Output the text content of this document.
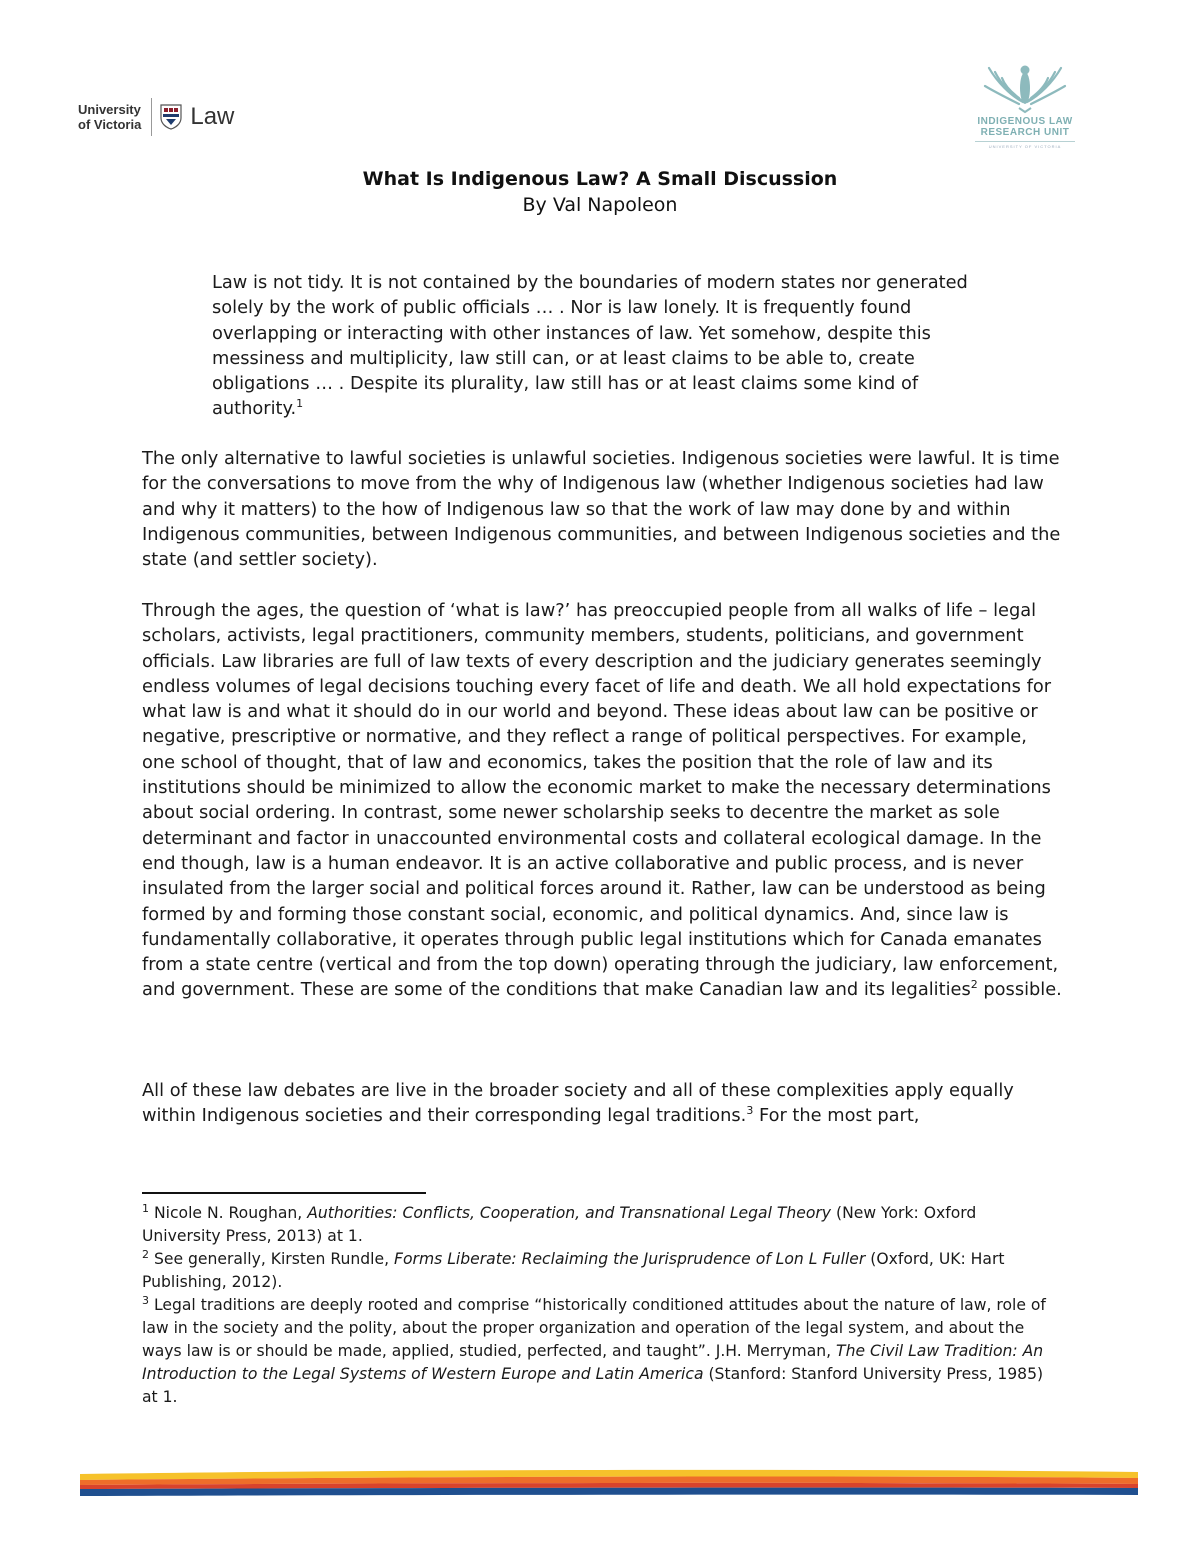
University
of Victoria Law	INDIGENOUS LAW
RESEARCH UNIT
UNIVERSITY OF VICTORIA
What Is Indigenous Law? A Small Discussion
By Val Napoleon

Law is not tidy. It is not contained by the boundaries of modern states nor generated solely by the work of public officials … . Nor is law lonely. It is frequently found overlapping or interacting with other instances of law. Yet somehow, despite this messiness and multiplicity, law still can, or at least claims to be able to, create obligations … . Despite its plurality, law still has or at least claims some kind of authority.$^1$

The only alternative to lawful societies is unlawful societies. Indigenous societies were lawful. It is time for the conversations to move from the why of Indigenous law (whether Indigenous societies had law and why it matters) to the how of Indigenous law so that the work of law may done by and within Indigenous communities, between Indigenous communities, and between Indigenous societies and the state (and settler society).

Through the ages, the question of ‘what is law?’ has preoccupied people from all walks of life – legal scholars, activists, legal practitioners, community members, students, politicians, and government officials. Law libraries are full of law texts of every description and the judiciary generates seemingly endless volumes of legal decisions touching every facet of life and death. We all hold expectations for what law is and what it should do in our world and beyond. These ideas about law can be positive or negative, prescriptive or normative, and they reflect a range of political perspectives. For example, one school of thought, that of law and economics, takes the position that the role of law and its institutions should be minimized to allow the economic market to make the necessary determinations about social ordering. In contrast, some newer scholarship seeks to decentre the market as sole determinant and factor in unaccounted environmental costs and collateral ecological damage. In the end though, law is a human endeavor. It is an active collaborative and public process, and is never insulated from the larger social and political forces around it. Rather, law can be understood as being formed by and forming those constant social, economic, and political dynamics. And, since law is fundamentally collaborative, it operates through public legal institutions which for Canada emanates from a state centre (vertical and from the top down) operating through the judiciary, law enforcement, and government. These are some of the conditions that make Canadian law and its legalities$^2$ possible.

All of these law debates are live in the broader society and all of these complexities apply equally within Indigenous societies and their corresponding legal traditions.$^3$ For the most part,

$^1$ Nicole N. Roughan, Authorities: Conflicts, Cooperation, and Transnational Legal Theory (New York: Oxford University Press, 2013) at 1.

$^2$ See generally, Kirsten Rundle, Forms Liberate: Reclaiming the Jurisprudence of Lon L Fuller (Oxford, UK: Hart Publishing, 2012).

$^3$ Legal traditions are deeply rooted and comprise “historically conditioned attitudes about the nature of law, role of law in the society and the polity, about the proper organization and operation of the legal system, and about the ways law is or should be made, applied, studied, perfected, and taught”. J.H. Merryman, The Civil Law Tradition: An Introduction to the Legal Systems of Western Europe and Latin America (Stanford: Stanford University Press, 1985) at 1.
